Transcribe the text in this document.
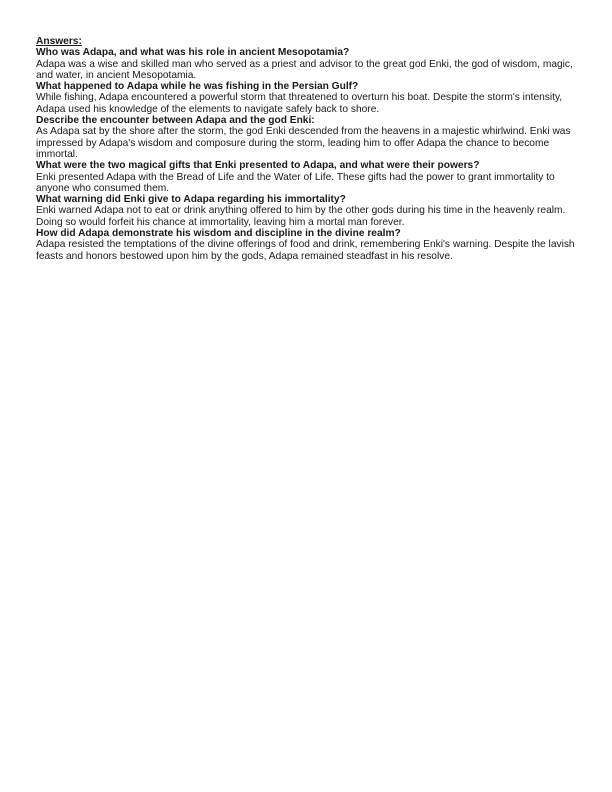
Answers:

Who was Adapa, and what was his role in ancient Mesopotamia?

Adapa was a wise and skilled man who served as a priest and advisor to the great god Enki, the god of wisdom, magic, and water, in ancient Mesopotamia.

What happened to Adapa while he was fishing in the Persian Gulf?

While fishing, Adapa encountered a powerful storm that threatened to overturn his boat. Despite the storm's intensity, Adapa used his knowledge of the elements to navigate safely back to shore.

Describe the encounter between Adapa and the god Enki:

As Adapa sat by the shore after the storm, the god Enki descended from the heavens in a majestic whirlwind. Enki was impressed by Adapa's wisdom and composure during the storm, leading him to offer Adapa the chance to become immortal.

What were the two magical gifts that Enki presented to Adapa, and what were their powers?

Enki presented Adapa with the Bread of Life and the Water of Life. These gifts had the power to grant immortality to anyone who consumed them.

What warning did Enki give to Adapa regarding his immortality?

Enki warned Adapa not to eat or drink anything offered to him by the other gods during his time in the heavenly realm. Doing so would forfeit his chance at immortality, leaving him a mortal man forever.

How did Adapa demonstrate his wisdom and discipline in the divine realm?

Adapa resisted the temptations of the divine offerings of food and drink, remembering Enki's warning. Despite the lavish feasts and honors bestowed upon him by the gods, Adapa remained steadfast in his resolve.
